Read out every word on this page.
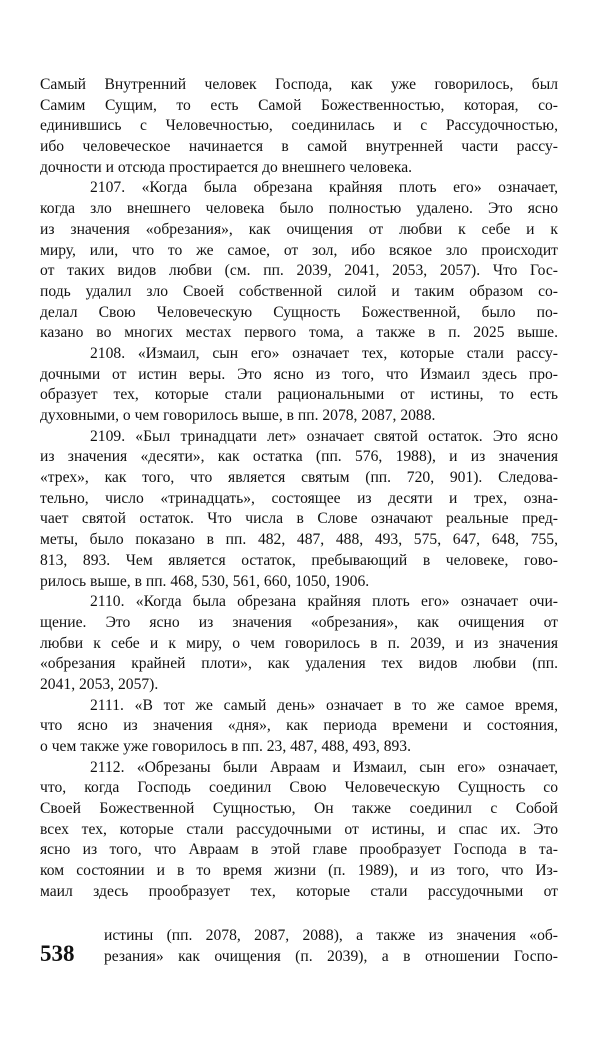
Самый Внутренний человек Господа, как уже говорилось, был
Самим Сущим, то есть Самой Божественностью, которая, со-
единившись с Человечностью, соединилась и с Рассудочностью,
ибо человеческое начинается в самой внутренней части рассу-
дочности и отсюда простирается до внешнего человека.
2107. «Когда была обрезана крайняя плоть его» означает,
когда зло внешнего человека было полностью удалено. Это ясно
из значения «обрезания», как очищения от любви к себе и к
миру, или, что то же самое, от зол, ибо всякое зло происходит
от таких видов любви (см. пп. 2039, 2041, 2053, 2057). Что Гос-
подь удалил зло Своей собственной силой и таким образом со-
делал Свою Человеческую Сущность Божественной, было по-
казано во многих местах первого тома, а также в п. 2025 выше.
2108. «Измаил, сын его» означает тех, которые стали рассу-
дочными от истин веры. Это ясно из того, что Измаил здесь про-
образует тех, которые стали рациональными от истины, то есть
духовными, о чем говорилось выше, в пп. 2078, 2087, 2088.
2109. «Был тринадцати лет» означает святой остаток. Это ясно
из значения «десяти», как остатка (пп. 576, 1988), и из значения
«трех», как того, что является святым (пп. 720, 901). Следова-
тельно, число «тринадцать», состоящее из десяти и трех, озна-
чает святой остаток. Что числа в Слове означают реальные пред-
меты, было показано в пп. 482, 487, 488, 493, 575, 647, 648, 755,
813, 893. Чем является остаток, пребывающий в человеке, гово-
рилось выше, в пп. 468, 530, 561, 660, 1050, 1906.
2110. «Когда была обрезана крайняя плоть его» означает очи-
щение. Это ясно из значения «обрезания», как очищения от
любви к себе и к миру, о чем говорилось в п. 2039, и из значения
«обрезания крайней плоти», как удаления тех видов любви (пп.
2041, 2053, 2057).
2111. «В тот же самый день» означает в то же самое время,
что ясно из значения «дня», как периода времени и состояния,
о чем также уже говорилось в пп. 23, 487, 488, 493, 893.
2112. «Обрезаны были Авраам и Измаил, сын его» означает,
что, когда Господь соединил Свою Человеческую Сущность со
Своей Божественной Сущностью, Он также соединил с Собой
всех тех, которые стали рассудочными от истины, и спас их. Это
ясно из того, что Авраам в этой главе прообразует Господа в та-
ком состоянии и в то время жизни (п. 1989), и из того, что Из-
маил здесь прообразует тех, которые стали рассудочными от
истины (пп. 2078, 2087, 2088), а также из значения «об-
резания» как очищения (п. 2039), а в отношении Госпо-
538
